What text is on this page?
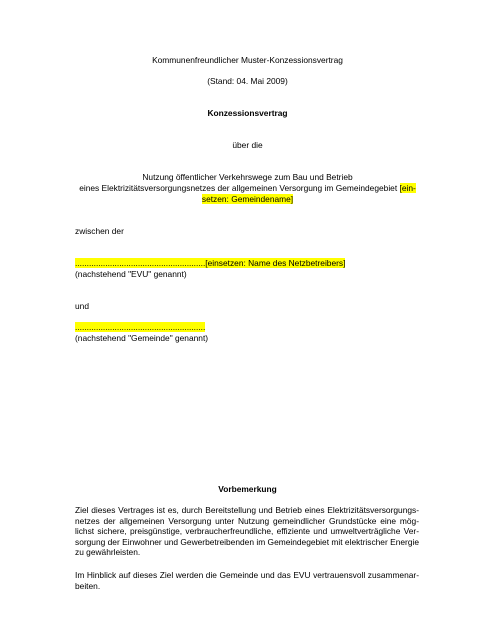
Kommunenfreundlicher Muster-Konzessionsvertrag
(Stand: 04. Mai 2009)
Konzessionsvertrag
über die
Nutzung öffentlicher Verkehrswege zum Bau und Betrieb
eines Elektrizitätsversorgungsnetzes der allgemeinen Versorgung im Gemeindegebiet [ein-
setzen: Gemeindename]
zwischen der
........................................................[einsetzen: Name des Netzbetreibers]
(nachstehend "EVU" genannt)
und
........................................................
(nachstehend "Gemeinde" genannt)
Vorbemerkung
Ziel dieses Vertrages ist es, durch Bereitstellung und Betrieb eines Elektrizitätsversorgungs-
netzes der allgemeinen Versorgung unter Nutzung gemeindlicher Grundstücke eine mög-
lichst sichere, preisgünstige, verbraucherfreundliche, effiziente und umweltverträgliche Ver-
sorgung der Einwohner und Gewerbetreibenden im Gemeindegebiet mit elektrischer Energie
zu gewährleisten.
Im Hinblick auf dieses Ziel werden die Gemeinde und das EVU vertrauensvoll zusammenar-
beiten.
